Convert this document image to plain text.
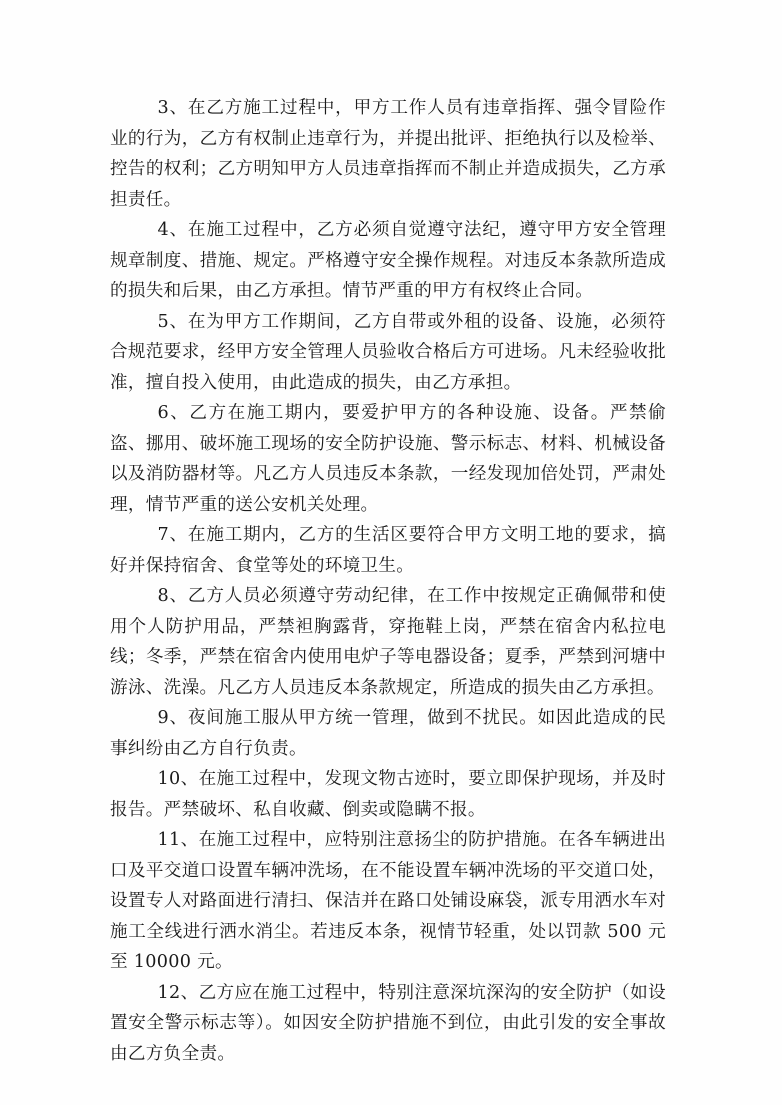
3、在乙方施工过程中，甲方工作人员有违章指挥、强令冒险作业的行为，乙方有权制止违章行为，并提出批评、拒绝执行以及检举、控告的权利；乙方明知甲方人员违章指挥而不制止并造成损失，乙方承担责任。

4、在施工过程中，乙方必须自觉遵守法纪，遵守甲方安全管理规章制度、措施、规定。严格遵守安全操作规程。对违反本条款所造成的损失和后果，由乙方承担。情节严重的甲方有权终止合同。

5、在为甲方工作期间，乙方自带或外租的设备、设施，必须符合规范要求，经甲方安全管理人员验收合格后方可进场。凡未经验收批准，擅自投入使用，由此造成的损失，由乙方承担。

6、乙方在施工期内，要爱护甲方的各种设施、设备。严禁偷盗、挪用、破坏施工现场的安全防护设施、警示标志、材料、机械设备以及消防器材等。凡乙方人员违反本条款，一经发现加倍处罚，严肃处理，情节严重的送公安机关处理。

7、在施工期内，乙方的生活区要符合甲方文明工地的要求，搞好并保持宿舍、食堂等处的环境卫生。

8、乙方人员必须遵守劳动纪律，在工作中按规定正确佩带和使用个人防护用品，严禁袒胸露背，穿拖鞋上岗，严禁在宿舍内私拉电线；冬季，严禁在宿舍内使用电炉子等电器设备；夏季，严禁到河塘中游泳、洗澡。凡乙方人员违反本条款规定，所造成的损失由乙方承担。

9、夜间施工服从甲方统一管理，做到不扰民。如因此造成的民事纠纷由乙方自行负责。

10、在施工过程中，发现文物古迹时，要立即保护现场，并及时报告。严禁破坏、私自收藏、倒卖或隐瞒不报。

11、在施工过程中，应特别注意扬尘的防护措施。在各车辆进出口及平交道口设置车辆冲洗场，在不能设置车辆冲洗场的平交道口处，设置专人对路面进行清扫、保洁并在路口处铺设麻袋，派专用洒水车对施工全线进行洒水消尘。若违反本条，视情节轻重，处以罚款 500 元至 10000 元。

12、乙方应在施工过程中，特别注意深坑深沟的安全防护（如设置安全警示标志等）。如因安全防护措施不到位，由此引发的安全事故由乙方负全责。
